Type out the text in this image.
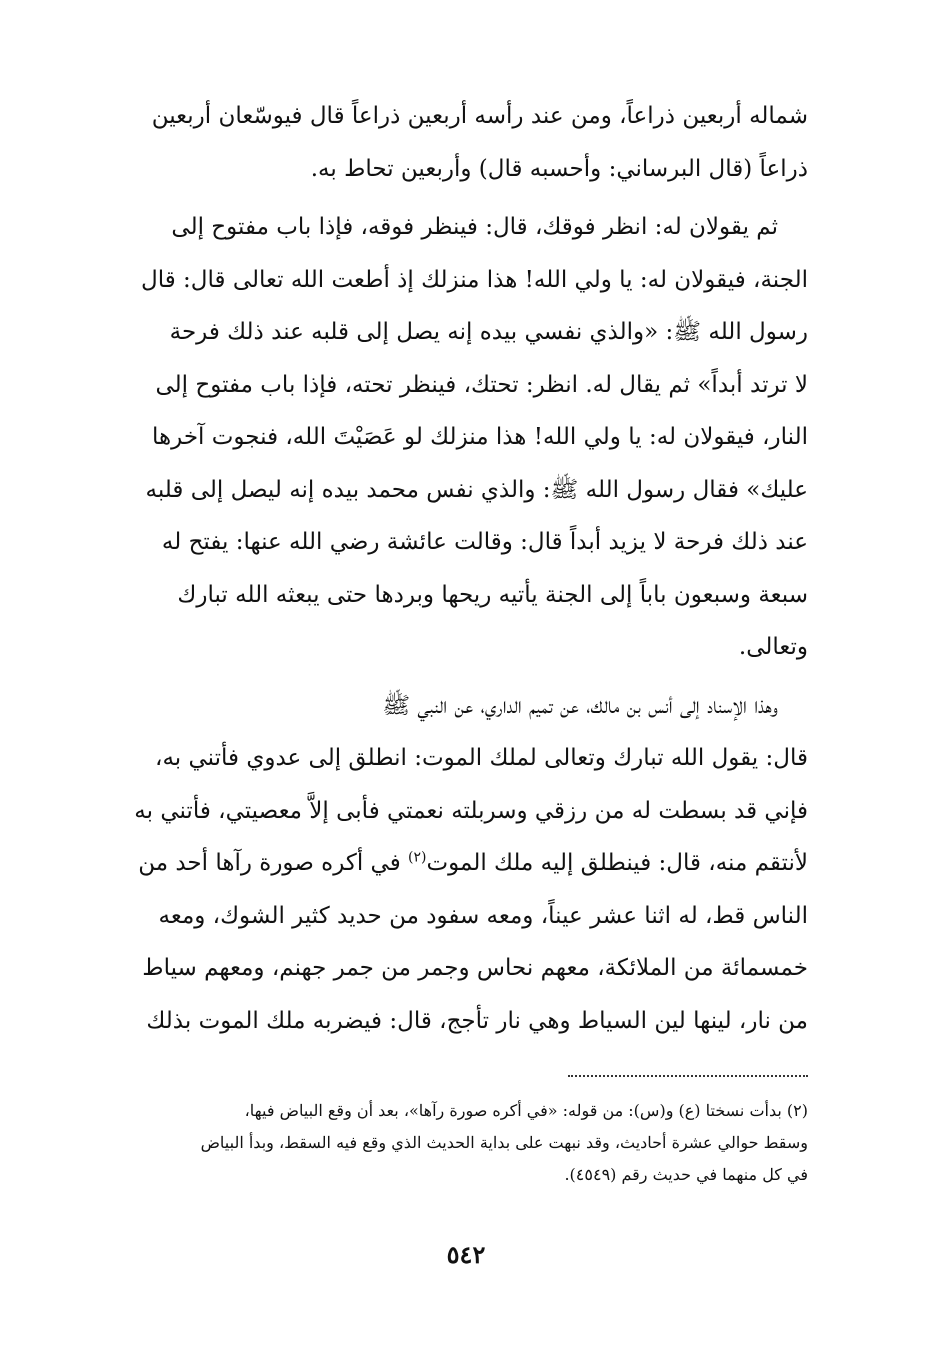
شماله أربعين ذراعاً، ومن عند رأسه أربعين ذراعاً قال فيوسّعان أربعين
ذراعاً (قال البرساني: وأحسبه قال) وأربعين تحاط به.

ثم يقولان له: انظر فوقك، قال: فينظر فوقه، فإذا باب مفتوح إلى
الجنة، فيقولان له: يا ولي الله! هذا منزلك إذ أطعت الله تعالى قال: قال
رسول الله ﷺ: «والذي نفسي بيده إنه يصل إلى قلبه عند ذلك فرحة
لا ترتد أبداً» ثم يقال له. انظر: تحتك، فينظر تحته، فإذا باب مفتوح إلى
النار، فيقولان له: يا ولي الله! هذا منزلك لو عَصَيْتَ الله، فنجوت آخرها
عليك» فقال رسول الله ﷺ: والذي نفس محمد بيده إنه ليصل إلى قلبه
عند ذلك فرحة لا يزيد أبداً قال: وقالت عائشة رضي الله عنها: يفتح له
سبعة وسبعون باباً إلى الجنة يأتيه ريحها وبردها حتى يبعثه الله تبارك
وتعالى.

وهذا الإسناد إلى أنس بن مالك، عن تميم الداري، عن النبي ﷺ
قال: يقول الله تبارك وتعالى لملك الموت: انطلق إلى عدوي فأتني به،
فإني قد بسطت له من رزقي وسربلته نعمتي فأبى إلاَّ معصيتي، فأتني به
لأنتقم منه، قال: فينطلق إليه ملك الموت$^{(٢)}$ في أكره صورة رآها أحد من
الناس قط، له اثنا عشر عيناً، ومعه سفود من حديد كثير الشوك، ومعه
خمسمائة من الملائكة، معهم نحاس وجمر من جمر جهنم، ومعهم سياط
من نار، لينها لين السياط وهي نار تأجج، قال: فيضربه ملك الموت بذلك

(٢) بدأت نسختا (ع) و(س): من قوله: «في أكره صورة رآها»، بعد أن وقع البياض فيها،
وسقط حوالي عشرة أحاديث، وقد نبهت على بداية الحديث الذي وقع فيه السقط، وبدأ البياض
في كل منهما في حديث رقم (٤٥٤٩).
٥٤٢
